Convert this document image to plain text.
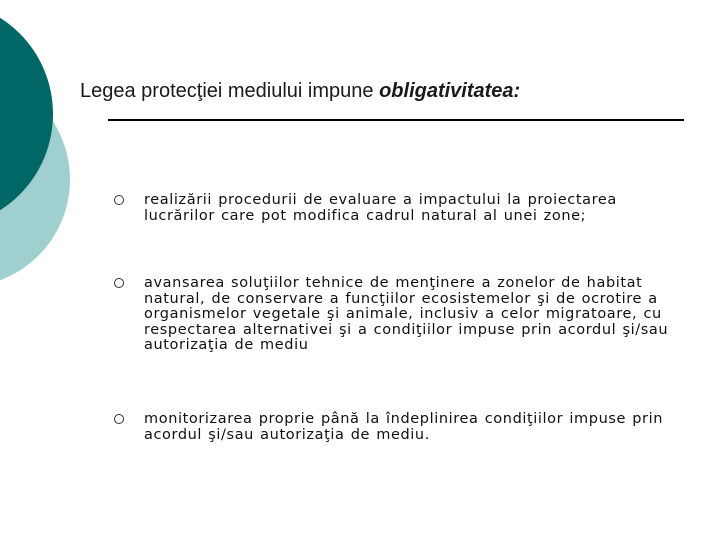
Legea protecţiei mediului impune obligativitatea:
realizării procedurii de evaluare a impactului la proiectarea lucrărilor care pot modifica cadrul natural al unei zone;
avansarea soluţiilor tehnice de menţinere a zonelor de habitat natural, de conservare a funcţiilor ecosistemelor şi de ocrotire a organismelor vegetale şi animale, inclusiv a celor migratoare, cu respectarea alternativei şi a condiţiilor impuse prin acordul şi/sau autorizaţia de mediu
monitorizarea proprie până la îndeplinirea condiţiilor impuse prin acordul şi/sau autorizaţia de mediu.
